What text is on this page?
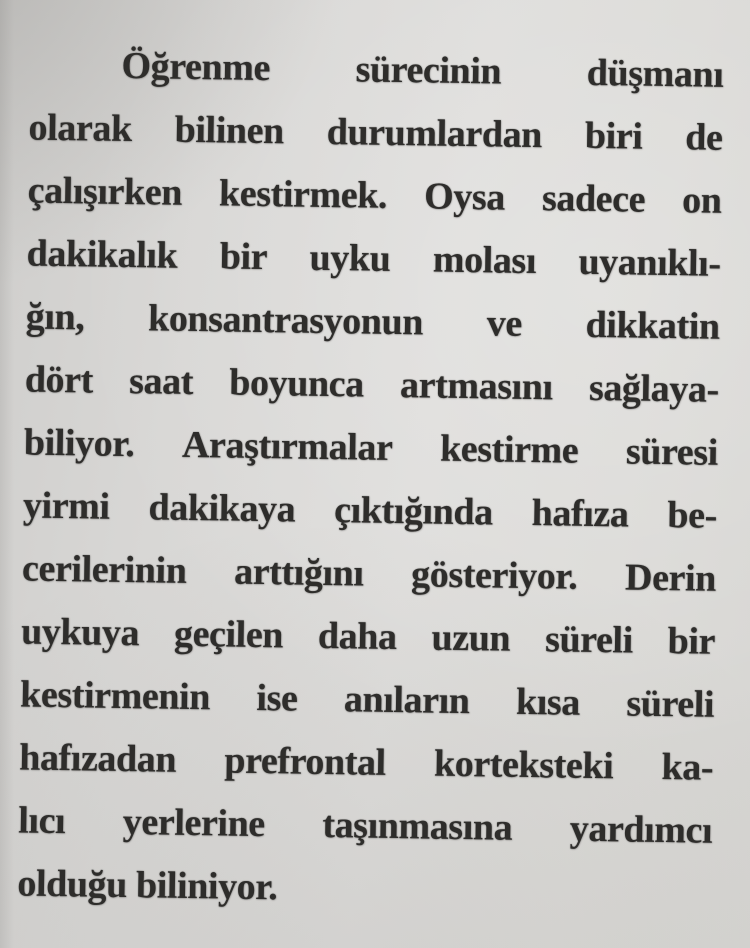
Öğrenme sürecinin düşmanı
olarak bilinen durumlardan biri de
çalışırken kestirmek. Oysa sadece on
dakikalık bir uyku molası uyanıklı-
ğın, konsantrasyonun ve dikkatin
dört saat boyunca artmasını sağlaya-
biliyor. Araştırmalar kestirme süresi
yirmi dakikaya çıktığında hafıza be-
cerilerinin arttığını gösteriyor. Derin
uykuya geçilen daha uzun süreli bir
kestirmenin ise anıların kısa süreli
hafızadan prefrontal korteksteki ka-
lıcı yerlerine taşınmasına yardımcı
olduğu biliniyor.
